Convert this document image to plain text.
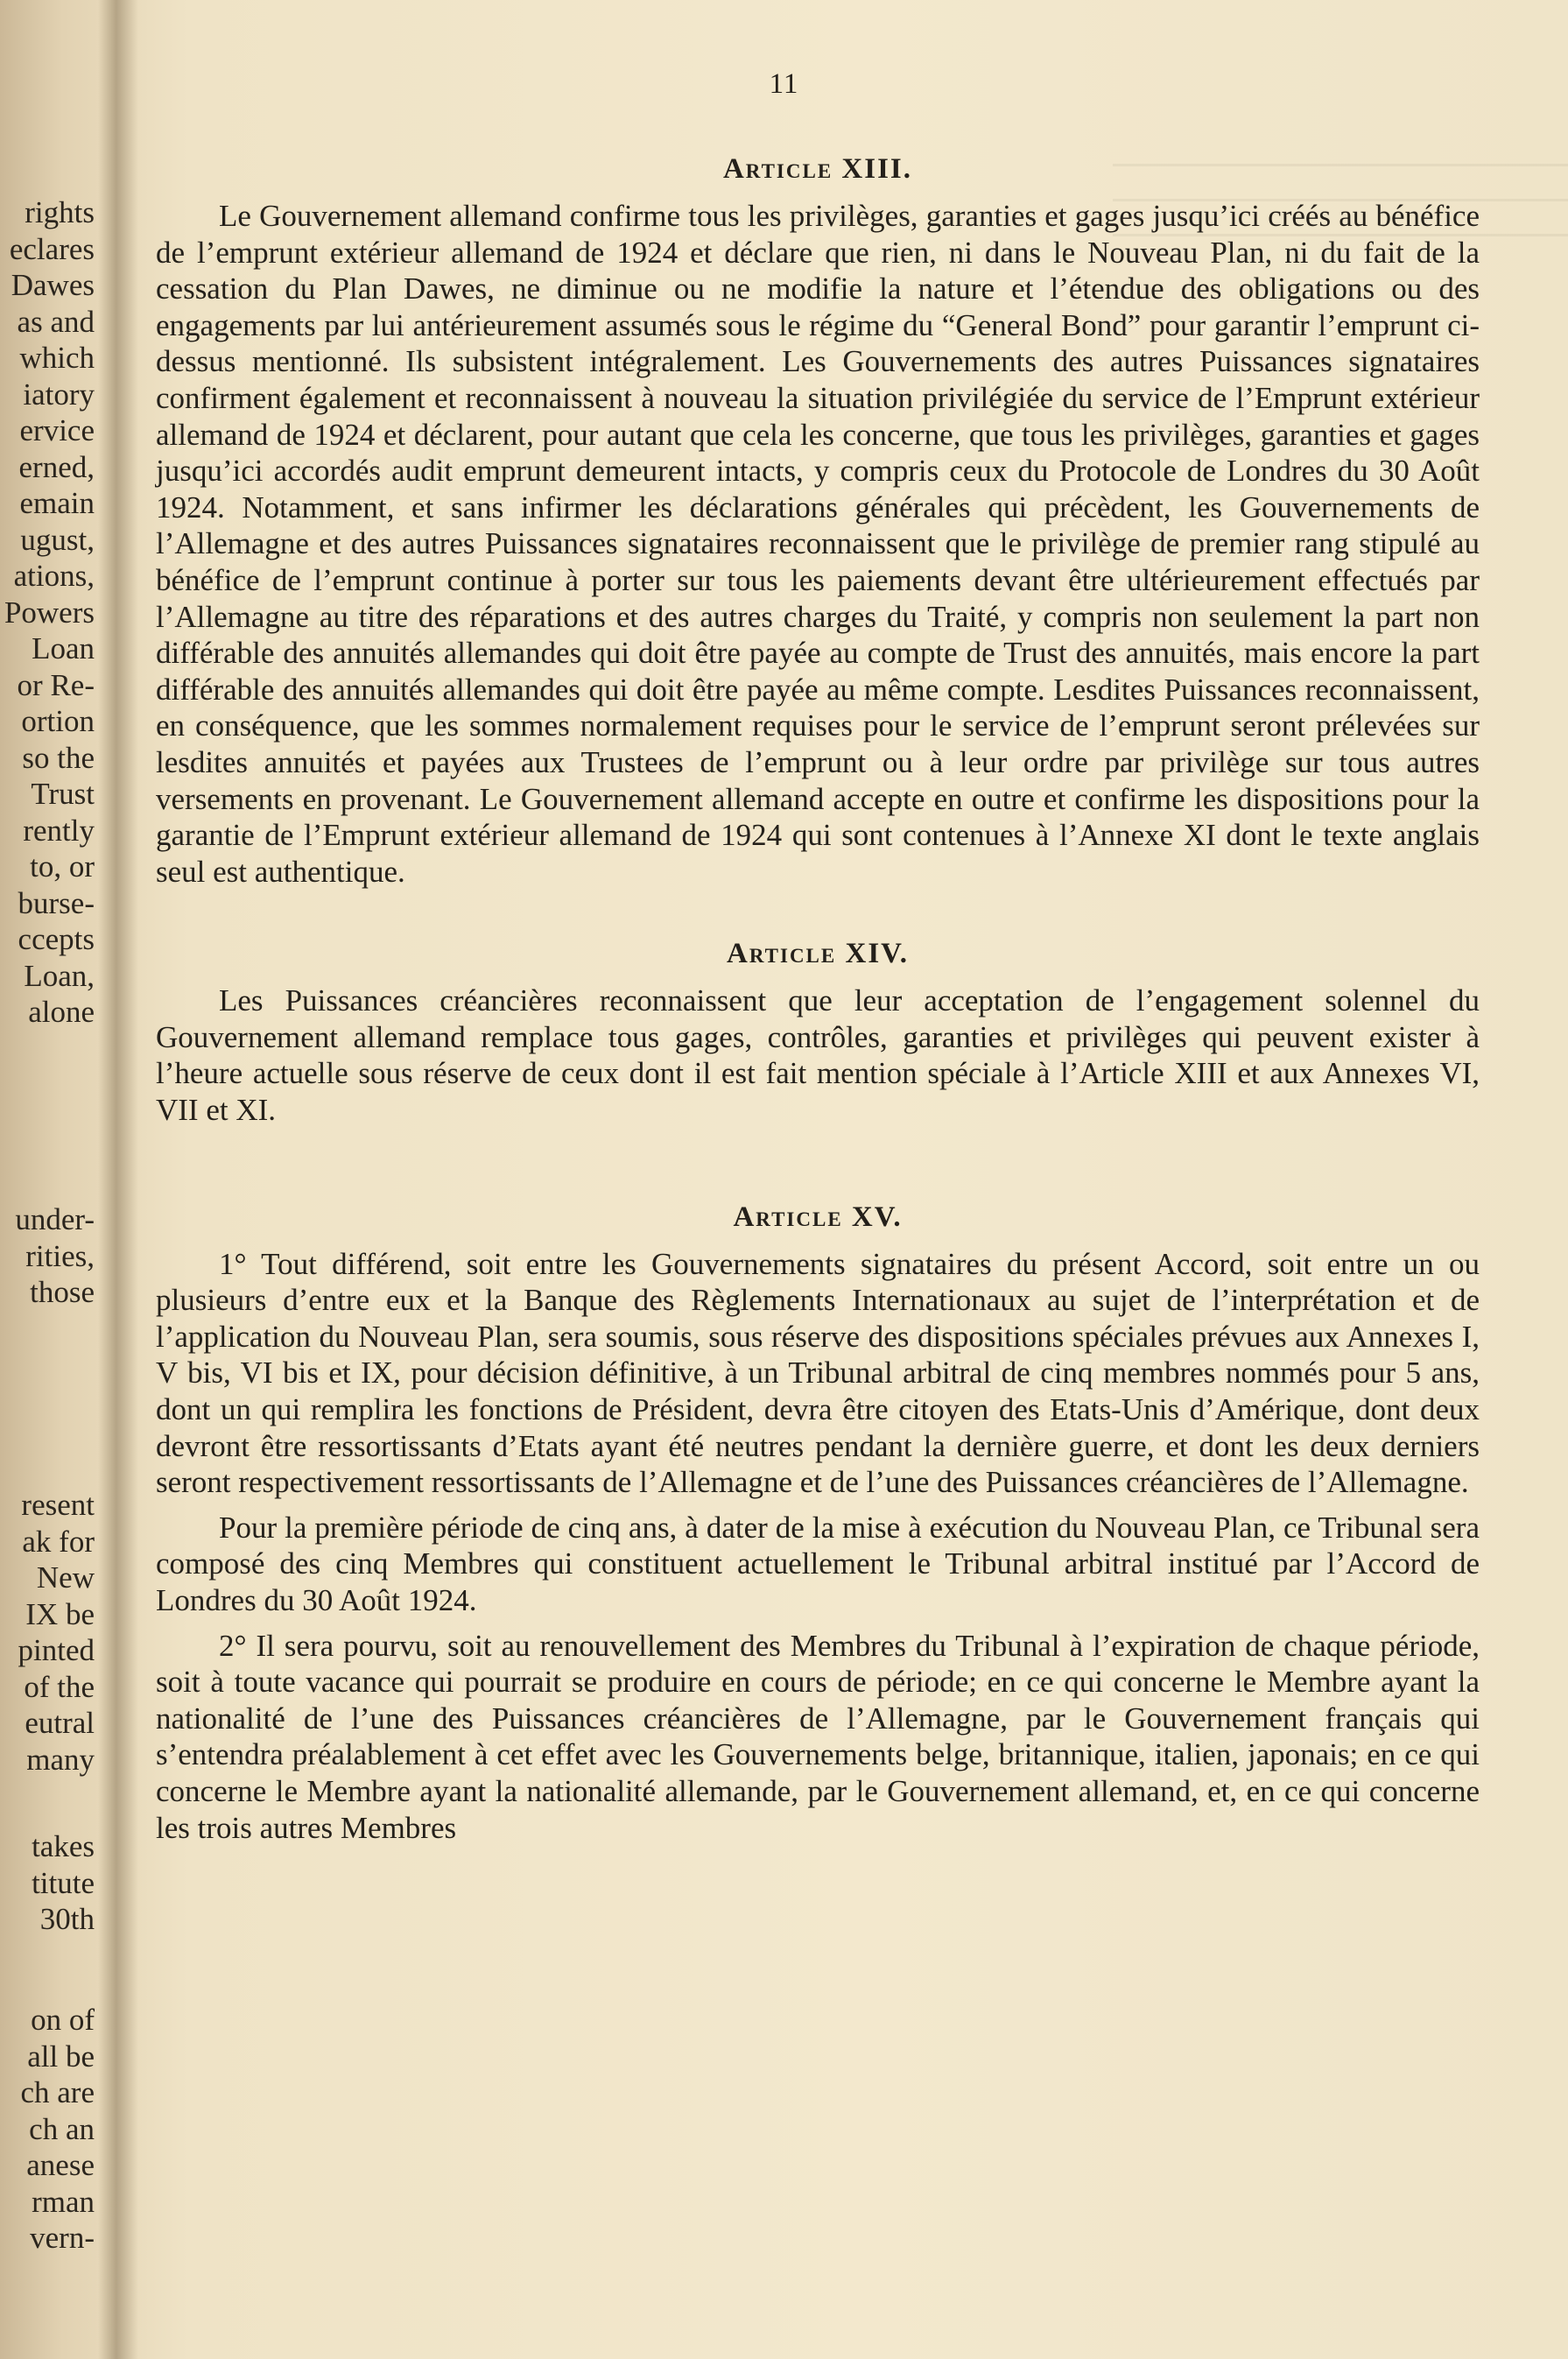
rights
eclares
Dawes
as and
which
iatory
ervice
erned,
emain
ugust,
ations,
Powers
Loan
or Re-
ortion
so the
Trust
rently
to, or
burse-
ccepts
Loan,
alone
under-
rities,
those
resent
ak for
New
IX be
pinted
of the
eutral
many
takes
titute
30th
on of
all be
ch are
ch an
anese
rman
vern-
11
Article XIII.

Le Gouvernement allemand confirme tous les privilèges, garanties et gages jusqu’ici créés au bénéfice de l’emprunt extérieur allemand de 1924 et déclare que rien, ni dans le Nouveau Plan, ni du fait de la cessation du Plan Dawes, ne diminue ou ne modifie la nature et l’étendue des obligations ou des engagements par lui antérieurement assumés sous le régime du “General Bond” pour garantir l’emprunt ci-dessus mentionné. Ils subsistent intégralement. Les Gouvernements des autres Puissances signataires confirment également et reconnaissent à nouveau la situation privilégiée du service de l’Emprunt extérieur allemand de 1924 et déclarent, pour autant que cela les concerne, que tous les privilèges, garanties et gages jusqu’ici accordés audit emprunt demeurent intacts, y compris ceux du Protocole de Londres du 30 Août 1924. Notamment, et sans infirmer les déclarations générales qui précèdent, les Gouvernements de l’Allemagne et des autres Puissances signataires reconnaissent que le privilège de premier rang stipulé au bénéfice de l’emprunt continue à porter sur tous les paiements devant être ultérieurement effectués par l’Allemagne au titre des réparations et des autres charges du Traité, y compris non seulement la part non différable des annuités allemandes qui doit être payée au compte de Trust des annuités, mais encore la part différable des annuités allemandes qui doit être payée au même compte. Lesdites Puissances reconnaissent, en conséquence, que les sommes normalement requises pour le service de l’emprunt seront prélevées sur lesdites annuités et payées aux Trustees de l’emprunt ou à leur ordre par privilège sur tous autres versements en provenant. Le Gouvernement allemand accepte en outre et confirme les dispositions pour la garantie de l’Emprunt extérieur allemand de 1924 qui sont contenues à l’Annexe XI dont le texte anglais seul est authentique.

Article XIV.

Les Puissances créancières reconnaissent que leur acceptation de l’engagement solennel du Gouvernement allemand remplace tous gages, contrôles, garanties et privilèges qui peuvent exister à l’heure actuelle sous réserve de ceux dont il est fait mention spéciale à l’Article XIII et aux Annexes VI, VII et XI.

Article XV.

1° Tout différend, soit entre les Gouvernements signataires du présent Accord, soit entre un ou plusieurs d’entre eux et la Banque des Règlements Internationaux au sujet de l’interprétation et de l’application du Nouveau Plan, sera soumis, sous réserve des dispositions spéciales prévues aux Annexes I, V bis, VI bis et IX, pour décision définitive, à un Tribunal arbitral de cinq membres nommés pour 5 ans, dont un qui remplira les fonctions de Président, devra être citoyen des Etats-Unis d’Amérique, dont deux devront être ressortissants d’Etats ayant été neutres pendant la dernière guerre, et dont les deux derniers seront respectivement ressortissants de l’Allemagne et de l’une des Puissances créancières de l’Allemagne.

Pour la première période de cinq ans, à dater de la mise à exécution du Nouveau Plan, ce Tribunal sera composé des cinq Membres qui constituent actuellement le Tribunal arbitral institué par l’Accord de Londres du 30 Août 1924.

2° Il sera pourvu, soit au renouvellement des Membres du Tribunal à l’expiration de chaque période, soit à toute vacance qui pourrait se produire en cours de période; en ce qui concerne le Membre ayant la nationalité de l’une des Puissances créancières de l’Allemagne, par le Gouvernement français qui s’entendra préalablement à cet effet avec les Gouvernements belge, britannique, italien, japonais; en ce qui concerne le Membre ayant la nationalité allemande, par le Gouvernement allemand, et, en ce qui concerne les trois autres Membres
